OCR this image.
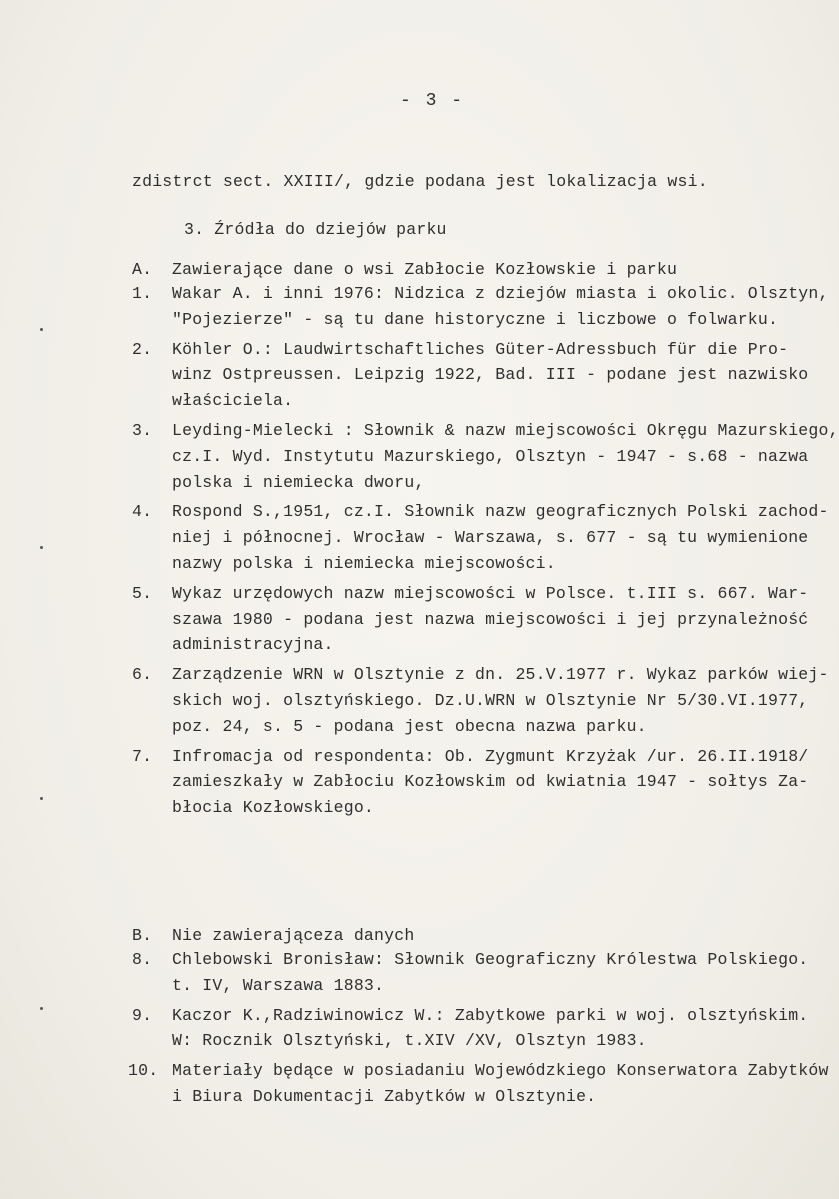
- 3 -
zdistrct sect. XXIII/, gdzie podana jest lokalizacja wsi.
3. Źródła do dziejów parku
A. Zawierające dane o wsi Zabłocie Kozłowskie i parku
1. Wakar A. i inni 1976: Nidzica z dziejów miasta i okolic. Olsztyn,
"Pojezierze" - są tu dane historyczne i liczbowe o folwarku.
2. Köhler O.: Laudwirtschaftliches Güter-Adressbuch für die Pro-
winz Ostpreussen. Leipzig 1922, Bad. III - podane jest nazwisko
właściciela.
3. Leyding-Mielecki : Słownik & nazw miejscowości Okręgu Mazurskiego,
cz.I. Wyd. Instytutu Mazurskiego, Olsztyn - 1947 - s.68 - nazwa
polska i niemiecka dworu,
4. Rospond S.,1951, cz.I. Słownik nazw geograficznych Polski zachod-
niej i północnej. Wrocław - Warszawa, s. 677 - są tu wymienione
nazwy polska i niemiecka miejscowości.
5. Wykaz urzędowych nazw miejscowości w Polsce. t.III s. 667. War-
szawa 1980 - podana jest nazwa miejscowości i jej przynależność
administracyjna.
6. Zarządzenie WRN w Olsztynie z dn. 25.V.1977 r. Wykaz parków wiej-
skich woj. olsztyńskiego. Dz.U.WRN w Olsztynie Nr 5/30.VI.1977,
poz. 24, s. 5 - podana jest obecna nazwa parku.
7. Infromacja od respondenta: Ob. Zygmunt Krzyżak /ur. 26.II.1918/
zamieszkały w Zabłociu Kozłowskim od kwiatnia 1947 - sołtys Za-
błocia Kozłowskiego.
B. Nie zawierająceza danych
8. Chlebowski Bronisław: Słownik Geograficzny Królestwa Polskiego.
t. IV, Warszawa 1883.
9. Kaczor K.,Radziwinowicz W.: Zabytkowe parki w woj. olsztyńskim.
W: Rocznik Olsztyński, t.XIV /XV, Olsztyn 1983.
10. Materiały będące w posiadaniu Wojewódzkiego Konserwatora Zabytków
i Biura Dokumentacji Zabytków w Olsztynie.
